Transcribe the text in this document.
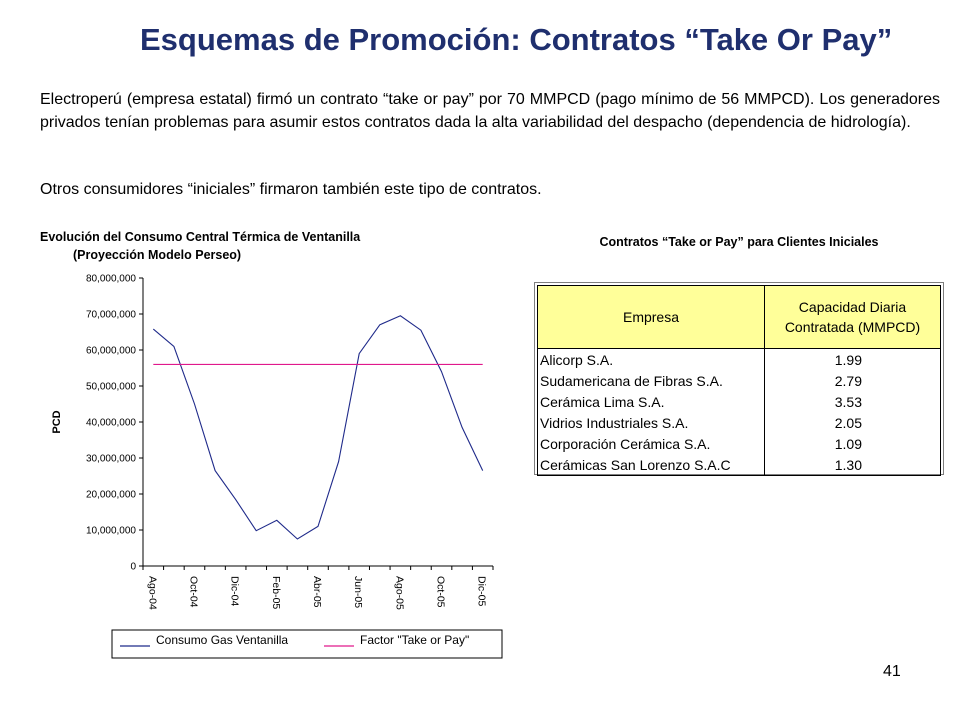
Esquemas de Promoción: Contratos “Take Or Pay”

Electroperú (empresa estatal) firmó un contrato “take or pay” por 70 MMPCD (pago mínimo de 56 MMPCD). Los generadores privados tenían problemas para asumir estos contratos dada la alta variabilidad del despacho (dependencia de hidrología).

Otros consumidores “iniciales” firmaron también este tipo de contratos.

Evolución del Consumo Central Térmica de Ventanilla
(Proyección Modelo Perseo)
0
10,000,000
20,000,000
30,000,000
40,000,000
50,000,000
60,000,000
70,000,000
80,000,000
PCD
Ago-04	Oct-04	Dic-04	Feb-05	Abr-05	Jun-05	Ago-05	Oct-05	Dic-05
Consumo Gas Ventanilla	Factor "Take or Pay"
Contratos “Take or Pay” para Clientes Iniciales
Empresa	Capacidad Diaria
Contratada (MMPCD)
Alicorp S.A.	1.99
Sudamericana de Fibras S.A.	2.79
Cerámica Lima S.A.	3.53
Vidrios Industriales S.A.	2.05
Corporación Cerámica S.A.	1.09
Cerámicas San Lorenzo S.A.C	1.30
41
